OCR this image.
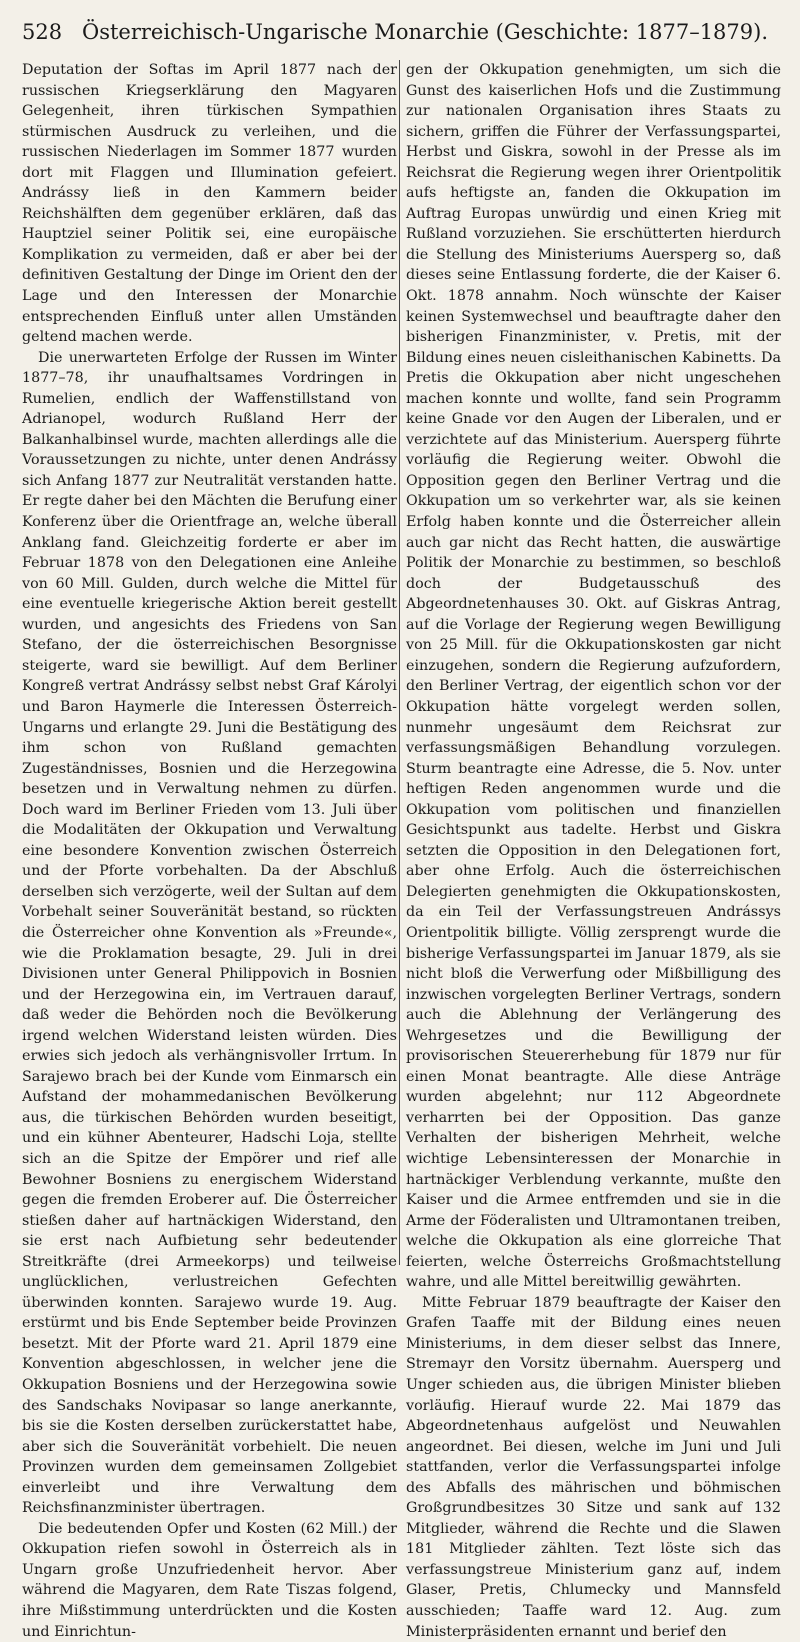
528 Österreichisch-Ungarische Monarchie (Geschichte: 1877–1879).

Deputation der Softas im April 1877 nach der russischen Kriegserklärung den Magyaren Gelegenheit, ihren türkischen Sympathien stürmischen Ausdruck zu verleihen, und die russischen Niederlagen im Sommer 1877 wurden dort mit Flaggen und Illumination gefeiert. Andrássy ließ in den Kammern beider Reichshälften dem gegenüber erklären, daß das Hauptziel seiner Politik sei, eine europäische Komplikation zu vermeiden, daß er aber bei der definitiven Gestaltung der Dinge im Orient den der Lage und den Interessen der Monarchie entsprechenden Einfluß unter allen Umständen geltend machen werde.

Die unerwarteten Erfolge der Russen im Winter 1877–78, ihr unaufhaltsames Vordringen in Rumelien, endlich der Waffenstillstand von Adrianopel, wodurch Rußland Herr der Balkanhalbinsel wurde, machten allerdings alle die Voraussetzungen zu nichte, unter denen Andrássy sich Anfang 1877 zur Neutralität verstanden hatte. Er regte daher bei den Mächten die Berufung einer Konferenz über die Orientfrage an, welche überall Anklang fand. Gleichzeitig forderte er aber im Februar 1878 von den Delegationen eine Anleihe von 60 Mill. Gulden, durch welche die Mittel für eine eventuelle kriegerische Aktion bereit gestellt wurden, und angesichts des Friedens von San Stefano, der die österreichischen Besorgnisse steigerte, ward sie bewilligt. Auf dem Berliner Kongreß vertrat Andrássy selbst nebst Graf Károlyi und Baron Haymerle die Interessen Österreich-Ungarns und erlangte 29. Juni die Bestätigung des ihm schon von Rußland gemachten Zugeständnisses, Bosnien und die Herzegowina besetzen und in Verwaltung nehmen zu dürfen. Doch ward im Berliner Frieden vom 13. Juli über die Modalitäten der Okkupation und Verwaltung eine besondere Konvention zwischen Österreich und der Pforte vorbehalten. Da der Abschluß derselben sich verzögerte, weil der Sultan auf dem Vorbehalt seiner Souveränität bestand, so rückten die Österreicher ohne Konvention als »Freunde«, wie die Proklamation besagte, 29. Juli in drei Divisionen unter General Philippovich in Bosnien und der Herzegowina ein, im Vertrauen darauf, daß weder die Behörden noch die Bevölkerung irgend welchen Widerstand leisten würden. Dies erwies sich jedoch als verhängnisvoller Irrtum. In Sarajewo brach bei der Kunde vom Einmarsch ein Aufstand der mohammedanischen Bevölkerung aus, die türkischen Behörden wurden beseitigt, und ein kühner Abenteurer, Hadschi Loja, stellte sich an die Spitze der Empörer und rief alle Bewohner Bosniens zu energischem Widerstand gegen die fremden Eroberer auf. Die Österreicher stießen daher auf hartnäckigen Widerstand, den sie erst nach Aufbietung sehr bedeutender Streitkräfte (drei Armeekorps) und teilweise unglücklichen, verlustreichen Gefechten überwinden konnten. Sarajewo wurde 19. Aug. erstürmt und bis Ende September beide Provinzen besetzt. Mit der Pforte ward 21. April 1879 eine Konvention abgeschlossen, in welcher jene die Okkupation Bosniens und der Herzegowina sowie des Sandschaks Novipasar so lange anerkannte, bis sie die Kosten derselben zurückerstattet habe, aber sich die Souveränität vorbehielt. Die neuen Provinzen wurden dem gemeinsamen Zollgebiet einverleibt und ihre Verwaltung dem Reichsfinanzminister übertragen.

Die bedeutenden Opfer und Kosten (62 Mill.) der Okkupation riefen sowohl in Österreich als in Ungarn große Unzufriedenheit hervor. Aber während die Magyaren, dem Rate Tiszas folgend, ihre Mißstimmung unterdrückten und die Kosten und Einrichtun-

gen der Okkupation genehmigten, um sich die Gunst des kaiserlichen Hofs und die Zustimmung zur nationalen Organisation ihres Staats zu sichern, griffen die Führer der Verfassungspartei, Herbst und Giskra, sowohl in der Presse als im Reichsrat die Regierung wegen ihrer Orientpolitik aufs heftigste an, fanden die Okkupation im Auftrag Europas unwürdig und einen Krieg mit Rußland vorzuziehen. Sie erschütterten hierdurch die Stellung des Ministeriums Auersperg so, daß dieses seine Entlassung forderte, die der Kaiser 6. Okt. 1878 annahm. Noch wünschte der Kaiser keinen Systemwechsel und beauftragte daher den bisherigen Finanzminister, v. Pretis, mit der Bildung eines neuen cisleithanischen Kabinetts. Da Pretis die Okkupation aber nicht ungeschehen machen konnte und wollte, fand sein Programm keine Gnade vor den Augen der Liberalen, und er verzichtete auf das Ministerium. Auersperg führte vorläufig die Regierung weiter. Obwohl die Opposition gegen den Berliner Vertrag und die Okkupation um so verkehrter war, als sie keinen Erfolg haben konnte und die Österreicher allein auch gar nicht das Recht hatten, die auswärtige Politik der Monarchie zu bestimmen, so beschloß doch der Budgetausschuß des Abgeordnetenhauses 30. Okt. auf Giskras Antrag, auf die Vorlage der Regierung wegen Bewilligung von 25 Mill. für die Okkupationskosten gar nicht einzugehen, sondern die Regierung aufzufordern, den Berliner Vertrag, der eigentlich schon vor der Okkupation hätte vorgelegt werden sollen, nunmehr ungesäumt dem Reichsrat zur verfassungsmäßigen Behandlung vorzulegen. Sturm beantragte eine Adresse, die 5. Nov. unter heftigen Reden angenommen wurde und die Okkupation vom politischen und finanziellen Gesichtspunkt aus tadelte. Herbst und Giskra setzten die Opposition in den Delegationen fort, aber ohne Erfolg. Auch die österreichischen Delegierten genehmigten die Okkupationskosten, da ein Teil der Verfassungstreuen Andrássys Orientpolitik billigte. Völlig zersprengt wurde die bisherige Verfassungspartei im Januar 1879, als sie nicht bloß die Verwerfung oder Mißbilligung des inzwischen vorgelegten Berliner Vertrags, sondern auch die Ablehnung der Verlängerung des Wehrgesetzes und die Bewilligung der provisorischen Steuererhebung für 1879 nur für einen Monat beantragte. Alle diese Anträge wurden abgelehnt; nur 112 Abgeordnete verharrten bei der Opposition. Das ganze Verhalten der bisherigen Mehrheit, welche wichtige Lebensinteressen der Monarchie in hartnäckiger Verblendung verkannte, mußte den Kaiser und die Armee entfremden und sie in die Arme der Föderalisten und Ultramontanen treiben, welche die Okkupation als eine glorreiche That feierten, welche Österreichs Großmachtstellung wahre, und alle Mittel bereitwillig gewährten.

Mitte Februar 1879 beauftragte der Kaiser den Grafen Taaffe mit der Bildung eines neuen Ministeriums, in dem dieser selbst das Innere, Stremayr den Vorsitz übernahm. Auersperg und Unger schieden aus, die übrigen Minister blieben vorläufig. Hierauf wurde 22. Mai 1879 das Abgeordnetenhaus aufgelöst und Neuwahlen angeordnet. Bei diesen, welche im Juni und Juli stattfanden, verlor die Verfassungspartei infolge des Abfalls des mährischen und böhmischen Großgrundbesitzes 30 Sitze und sank auf 132 Mitglieder, während die Rechte und die Slawen 181 Mitglieder zählten. Tezt löste sich das verfassungstreue Ministerium ganz auf, indem Glaser, Pretis, Chlumecky und Mannsfeld ausschieden; Taaffe ward 12. Aug. zum Ministerpräsidenten ernannt und berief den
